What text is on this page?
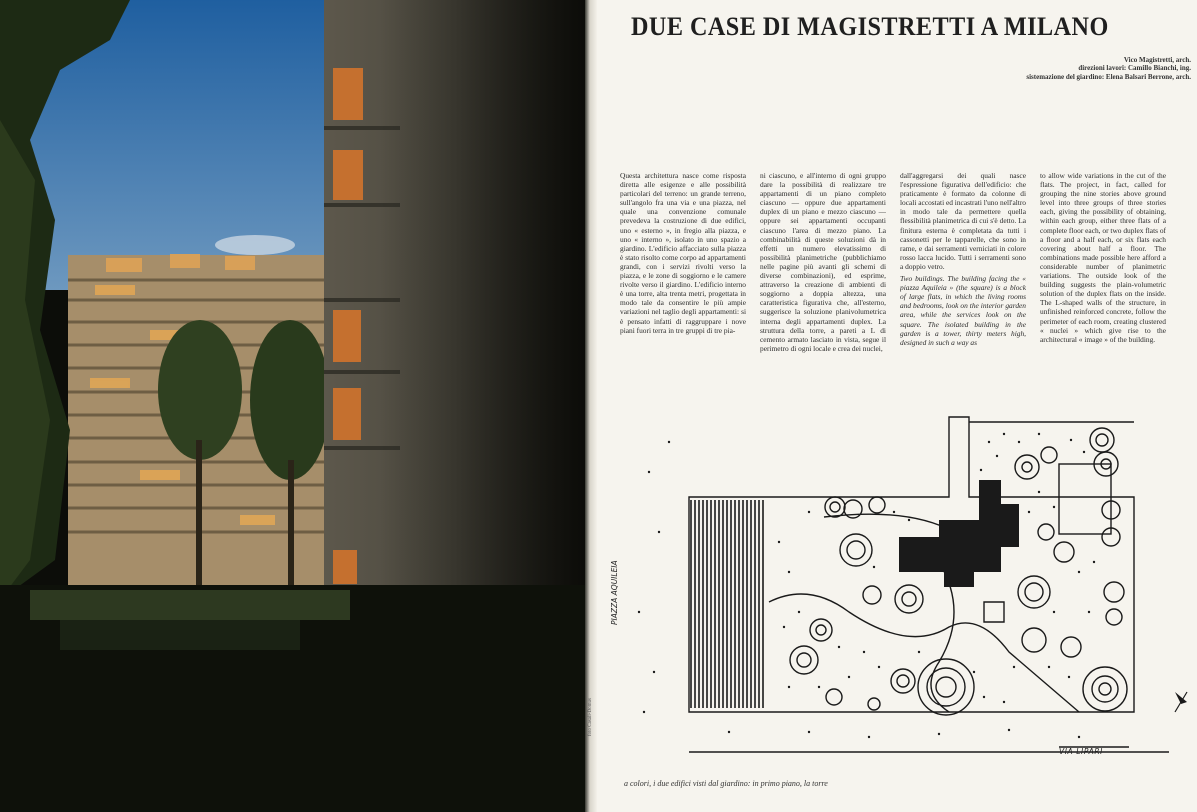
foto Casali-Domus
DUE CASE DI MAGISTRETTI A MILANO
Vico Magistretti, arch.
direzioni lavori: Camillo Bianchi, ing.
sistemazione del giardino: Elena Balsari Berrone, arch.

Questa architettura nasce come risposta diretta alle esigenze e alle possibilità particolari del terreno: un grande terreno, sull'angolo fra una via e una piazza, nel quale una convenzione comunale prevedeva la costruzione di due edifici, uno « esterno », in fregio alla piazza, e uno « interno », isolato in uno spazio a giardino. L'edificio affacciato sulla piazza è stato risolto come corpo ad appartamenti grandi, con i servizi rivolti verso la piazza, e le zone di soggiorno e le camere rivolte verso il giardino. L'edificio interno è una torre, alta trenta metri, progettata in modo tale da consentire le più ampie variazioni nel taglio degli appartamenti: si è pensato infatti di raggruppare i nove piani fuori terra in tre gruppi di tre pia-

ni ciascuno, e all'interno di ogni gruppo dare la possibilità di realizzare tre appartamenti di un piano completo ciascuno — oppure due appartamenti duplex di un piano e mezzo ciascuno — oppure sei appartamenti occupanti ciascuno l'area di mezzo piano. La combinabilità di queste soluzioni dà in effetti un numero elevatissimo di possibilità planimetriche (pubblichiamo nelle pagine più avanti gli schemi di diverse combinazioni), ed esprime, attraverso la creazione di ambienti di soggiorno a doppia altezza, una caratteristica figurativa che, all'esterno, suggerisce la soluzione planivolumetrica interna degli appartamenti duplex. La struttura della torre, a pareti a L di cemento armato lasciato in vista, segue il perimetro di ogni locale e crea dei nuclei,

dall'aggregarsi dei quali nasce l'espressione figurativa dell'edificio: che praticamente è formato da colonne di locali accostati ed incastrati l'uno nell'altro in modo tale da permettere quella flessibilità planimetrica di cui s'è detto. La finitura esterna è completata da tutti i cassonetti per le tapparelle, che sono in rame, e dai serramenti verniciati in colore rosso lacca lucido. Tutti i serramenti sono a doppio vetro.

Two buildings. The building facing the « piazza Aquileia » (the square) is a block of large flats, in which the living rooms and bedrooms, look on the interior garden area, while the services look on the square. The isolated building in the garden is a tower, thirty meters high, designed in such a way as

to allow wide variations in the cut of the flats. The project, in fact, called for grouping the nine stories above ground level into three groups of three stories each, giving the possibility of obtaining, within each group, either three flats of a complete floor each, or two duplex flats of a floor and a half each, or six flats each covering about half a floor. The combinations made possible here afford a considerable number of planimetric variations. The outside look of the building suggests the plain-volumetric solution of the duplex flats on the inside. The L-shaped walls of the structure, in unfinished reinforced concrete, follow the perimeter of each room, creating clustered « nuclei » which give rise to the architectural « image » of the building.

VIA LIPARI
PIAZZA AQUILEIA
a colori, i due edifici visti dal giardino: in primo piano, la torre
